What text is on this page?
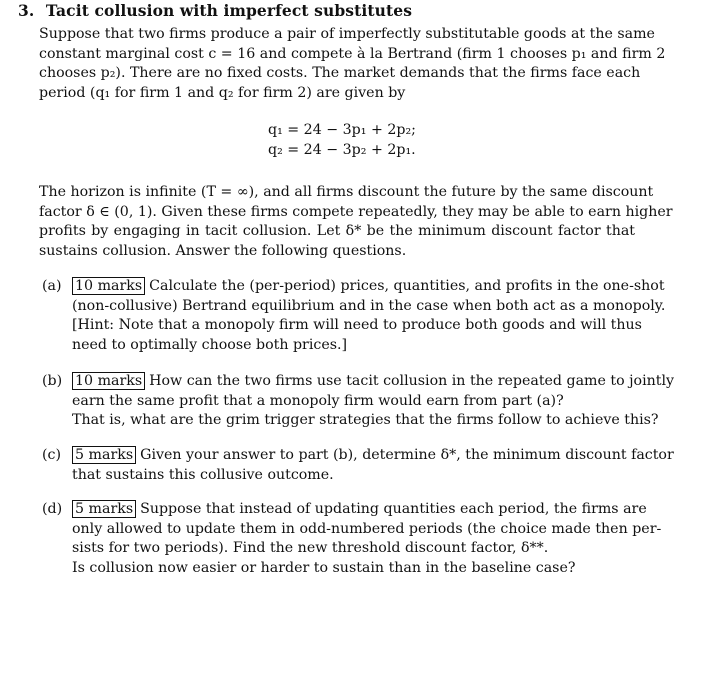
3. Tacit collusion with imperfect substitutes
Suppose that two firms produce a pair of imperfectly substitutable goods at the same
constant marginal cost c = 16 and compete à la Bertrand (firm 1 chooses p₁ and firm 2
chooses p₂). There are no fixed costs. The market demands that the firms face each
period (q₁ for firm 1 and q₂ for firm 2) are given by
q₁ = 24 − 3p₁ + 2p₂;
q₂ = 24 − 3p₂ + 2p₁.
The horizon is infinite (T = ∞), and all firms discount the future by the same discount
factor δ ∈ (0, 1). Given these firms compete repeatedly, they may be able to earn higher
profits by engaging in tacit collusion. Let δ* be the minimum discount factor that
sustains collusion. Answer the following questions.
(a) 10 marks Calculate the (per-period) prices, quantities, and profits in the one-shot
(non-collusive) Bertrand equilibrium and in the case when both act as a monopoly.
[Hint: Note that a monopoly firm will need to produce both goods and will thus
need to optimally choose both prices.]
(b) 10 marks How can the two firms use tacit collusion in the repeated game to jointly
earn the same profit that a monopoly firm would earn from part (a)?
That is, what are the grim trigger strategies that the firms follow to achieve this?
(c) 5 marks Given your answer to part (b), determine δ*, the minimum discount factor
that sustains this collusive outcome.
(d) 5 marks Suppose that instead of updating quantities each period, the firms are
only allowed to update them in odd-numbered periods (the choice made then per-
sists for two periods). Find the new threshold discount factor, δ**.
Is collusion now easier or harder to sustain than in the baseline case?
